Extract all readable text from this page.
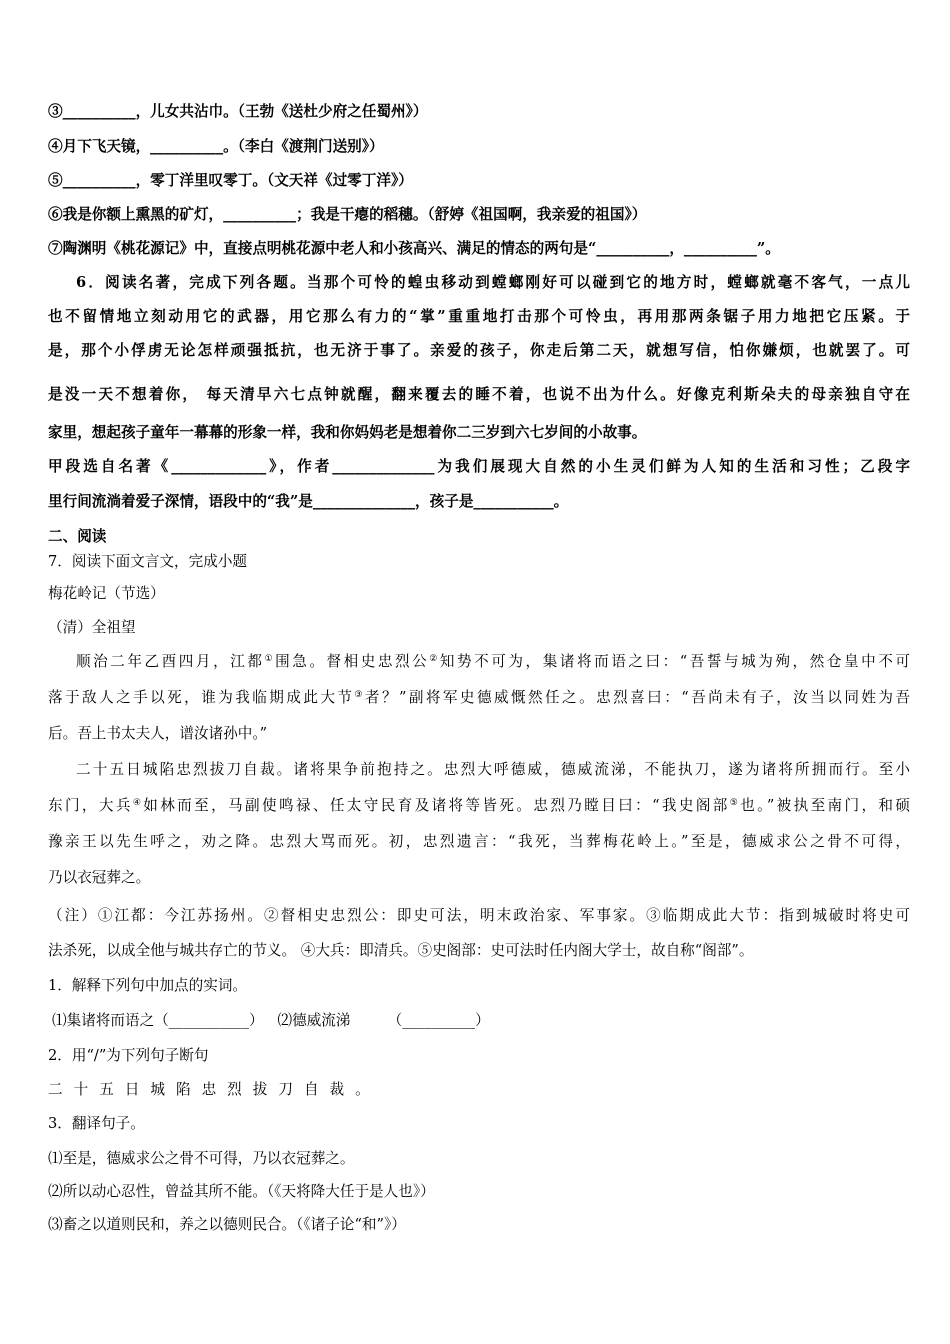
③__________，儿女共沾巾。（王勃《送杜少府之任蜀州》）
④月下飞天镜，__________。（李白《渡荆门送别》）
⑤__________，零丁洋里叹零丁。（文天祥《过零丁洋》）
⑥我是你额上熏黑的矿灯，__________；我是干瘪的稻穗。（舒婷《祖国啊，我亲爱的祖国》）
⑦陶渊明《桃花源记》中，直接点明桃花源中老人和小孩高兴、满足的情态的两句是“__________，__________”。
6．阅读名著，完成下列各题。当那个可怜的蝗虫移动到螳螂刚好可以碰到它的地方时，螳螂就毫不客气，一点儿
也不留情地立刻动用它的武器，用它那么有力的“掌”重重地打击那个可怜虫，再用那两条锯子用力地把它压紧。于
是，那个小俘虏无论怎样顽强抵抗，也无济于事了。亲爱的孩子，你走后第二天，就想写信，怕你嫌烦，也就罢了。可
是没一天不想着你， 每天清早六七点钟就醒，翻来覆去的睡不着，也说不出为什么。好像克利斯朵夫的母亲独自守在
家里，想起孩子童年一幕幕的形象一样，我和你妈妈老是想着你二三岁到六七岁间的小故事。
甲段选自名著《_____________》，作者______________为我们展现大自然的小生灵们鲜为人知的生活和习性；乙段字
里行间流淌着爱子深情，语段中的“我”是______________，孩子是___________。
二、阅读
7．阅读下面文言文，完成小题
梅花岭记（节选）
（清）全祖望
顺治二年乙酉四月，江都①围急。督相史忠烈公②知势不可为，集诸将而语之曰：“吾誓与城为殉，然仓皇中不可
落于敌人之手以死，谁为我临期成此大节③者？”副将军史德威慨然任之。忠烈喜曰：“吾尚未有子，汝当以同姓为吾
后。吾上书太夫人，谱汝诸孙中。”
二十五日城陷忠烈拔刀自裁。诸将果争前抱持之。忠烈大呼德威，德威流涕，不能执刀，遂为诸将所拥而行。至小
东门，大兵④如林而至，马副使鸣禄、任太守民育及诸将等皆死。忠烈乃瞠目曰：“我史阁部⑤也。”被执至南门，和硕
豫亲王以先生呼之，劝之降。忠烈大骂而死。初，忠烈遗言：“我死，当葬梅花岭上。”至是，德威求公之骨不可得，
乃以衣冠葬之。
（注）①江都：今江苏扬州。②督相史忠烈公：即史可法，明末政治家、军事家。③临期成此大节：指到城破时将史可
法杀死，以成全他与城共存亡的节义。 ④大兵：即清兵。⑤史阁部：史可法时任内阁大学士，故自称“阁部”。
1．解释下列句中加点的实词。
⑴集诸将而语之（___________）   ⑵德威流涕        （__________）
2．用“/”为下列句子断句
二十五日城陷忠烈拔刀自裁。
3．翻译句子。
⑴至是，德威求公之骨不可得，乃以衣冠葬之。
⑵所以动心忍性，曾益其所不能。（《天将降大任于是人也》）
⑶畜之以道则民和，养之以德则民合。（《诸子论“和”》）
